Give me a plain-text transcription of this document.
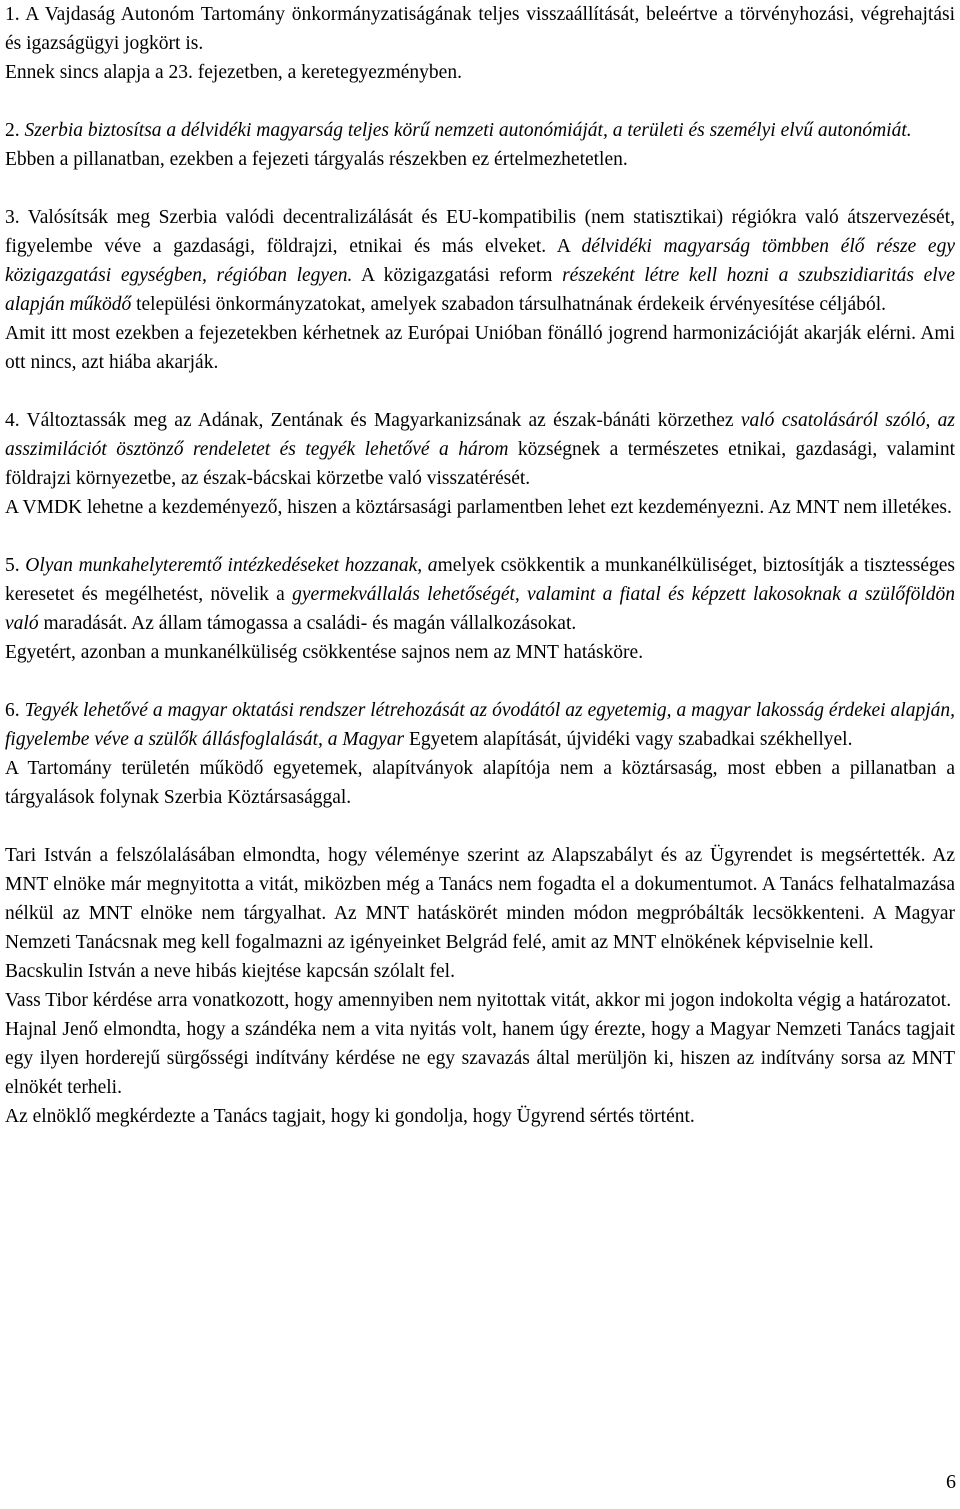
1. A Vajdaság Autonóm Tartomány önkormányzatiságának teljes visszaállítását, beleértve a törvényhozási, végrehajtási és igazságügyi jogkört is.

Ennek sincs alapja a 23. fejezetben, a keretegyezményben.

2. Szerbia biztosítsa a délvidéki magyarság teljes körű nemzeti autonómiáját, a területi és személyi elvű autonómiát.

Ebben a pillanatban, ezekben a fejezeti tárgyalás részekben ez értelmezhetetlen.

3. Valósítsák meg Szerbia valódi decentralizálását és EU-kompatibilis (nem statisztikai) régiókra való átszervezését, figyelembe véve a gazdasági, földrajzi, etnikai és más elveket. A délvidéki magyarság tömbben élő része egy közigazgatási egységben, régióban legyen. A közigazgatási reform részeként létre kell hozni a szubszidiaritás elve alapján működő települési önkormányzatokat, amelyek szabadon társulhatnának érdekeik érvényesítése céljából.

Amit itt most ezekben a fejezetekben kérhetnek az Európai Unióban fönálló jogrend harmonizációját akarják elérni. Ami ott nincs, azt hiába akarják.

4. Változtassák meg az Adának, Zentának és Magyarkanizsának az észak-bánáti körzethez való csatolásáról szóló, az asszimilációt ösztönző rendeletet és tegyék lehetővé a három községnek a természetes etnikai, gazdasági, valamint földrajzi környezetbe, az észak-bácskai körzetbe való visszatérését.

A VMDK lehetne a kezdeményező, hiszen a köztársasági parlamentben lehet ezt kezdeményezni. Az MNT nem illetékes.

5. Olyan munkahelyteremtő intézkedéseket hozzanak, amelyek csökkentik a munkanélküliséget, biztosítják a tisztességes keresetet és megélhetést, növelik a gyermekvállalás lehetőségét, valamint a fiatal és képzett lakosoknak a szülőföldön való maradását. Az állam támogassa a családi- és magán vállalkozásokat.

Egyetért, azonban a munkanélküliség csökkentése sajnos nem az MNT hatásköre.

6. Tegyék lehetővé a magyar oktatási rendszer létrehozását az óvodától az egyetemig, a magyar lakosság érdekei alapján, figyelembe véve a szülők állásfoglalását, a Magyar Egyetem alapítását, újvidéki vagy szabadkai székhellyel.

A Tartomány területén működő egyetemek, alapítványok alapítója nem a köztársaság, most ebben a pillanatban a tárgyalások folynak Szerbia Köztársasággal.

Tari István a felszólalásában elmondta, hogy véleménye szerint az Alapszabályt és az Ügyrendet is megsértették. Az MNT elnöke már megnyitotta a vitát, miközben még a Tanács nem fogadta el a dokumentumot. A Tanács felhatalmazása nélkül az MNT elnöke nem tárgyalhat. Az MNT hatáskörét minden módon megpróbálták lecsökkenteni. A Magyar Nemzeti Tanácsnak meg kell fogalmazni az igényeinket Belgrád felé, amit az MNT elnökének képviselnie kell.

Bacskulin István a neve hibás kiejtése kapcsán szólalt fel.

Vass Tibor kérdése arra vonatkozott, hogy amennyiben nem nyitottak vitát, akkor mi jogon indokolta végig a határozatot.

Hajnal Jenő elmondta, hogy a szándéka nem a vita nyitás volt, hanem úgy érezte, hogy a Magyar Nemzeti Tanács tagjait egy ilyen horderejű sürgősségi indítvány kérdése ne egy szavazás által merüljön ki, hiszen az indítvány sorsa az MNT elnökét terheli.

Az elnöklő megkérdezte a Tanács tagjait, hogy ki gondolja, hogy Ügyrend sértés történt.

6
